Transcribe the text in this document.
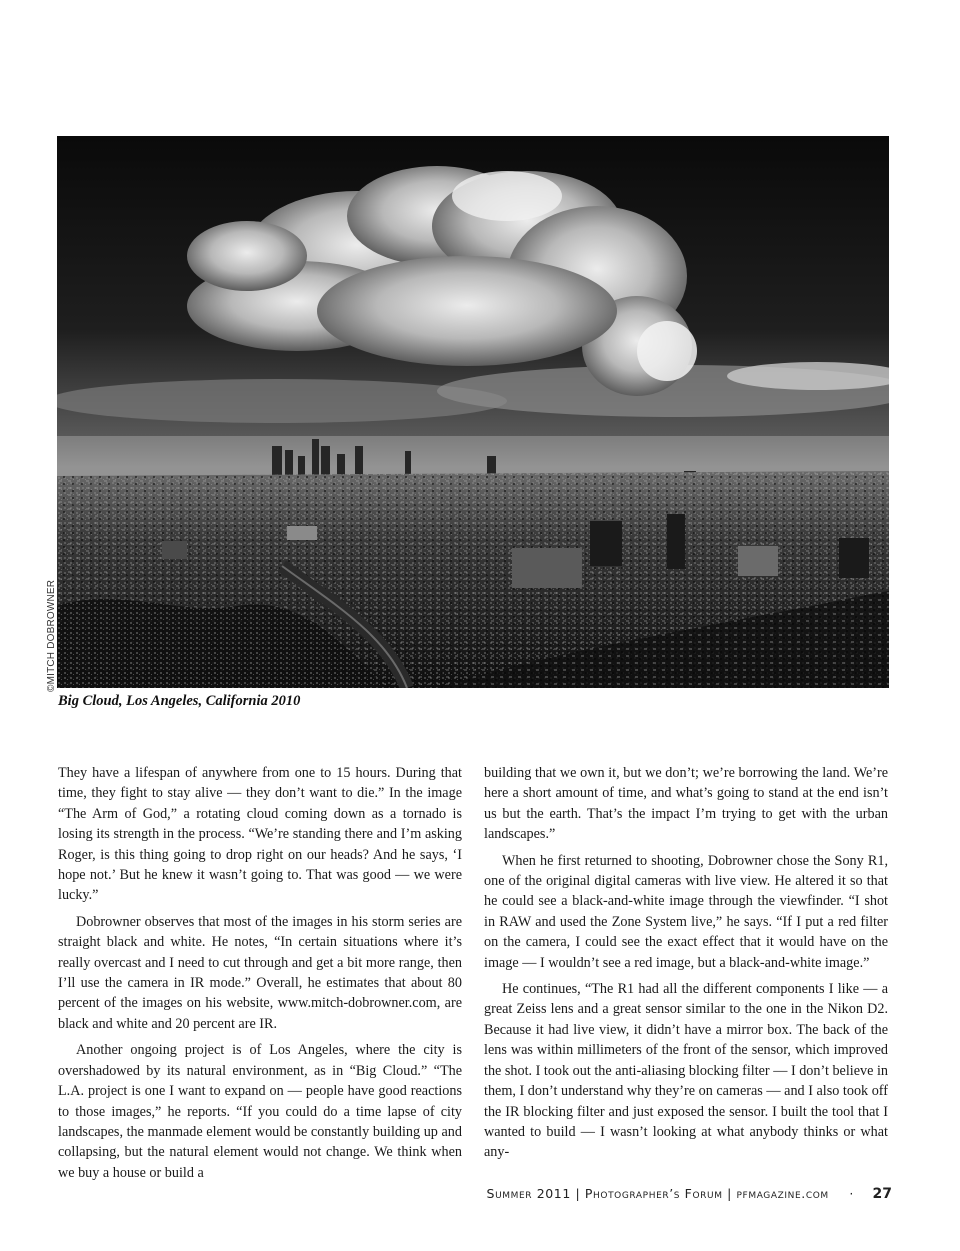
©MITCH DOBROWNER
Big Cloud, Los Angeles, California 2010

They have a lifespan of anywhere from one to 15 hours. During that time, they fight to stay alive — they don’t want to die.” In the image “The Arm of God,” a rotating cloud coming down as a tornado is losing its strength in the process. “We’re standing there and I’m asking Roger, is this thing going to drop right on our heads? And he says, ‘I hope not.’ But he knew it wasn’t going to. That was good — we were lucky.”

Dobrowner observes that most of the images in his storm series are straight black and white. He notes, “In certain situations where it’s really overcast and I need to cut through and get a bit more range, then I’ll use the camera in IR mode.” Overall, he estimates that about 80 percent of the images on his website, www.mitch-dobrowner.com, are black and white and 20 percent are IR.

Another ongoing project is of Los Angeles, where the city is overshadowed by its natural environment, as in “Big Cloud.” “The L.A. project is one I want to expand on — people have good reactions to those images,” he reports. “If you could do a time lapse of city landscapes, the manmade element would be constantly building up and collapsing, but the natural element would not change. We think when we buy a house or build a

building that we own it, but we don’t; we’re borrowing the land. We’re here a short amount of time, and what’s going to stand at the end isn’t us but the earth. That’s the impact I’m trying to get with the urban landscapes.”

When he first returned to shooting, Dobrowner chose the Sony R1, one of the original digital cameras with live view. He altered it so that he could see a black-and-white image through the viewfinder. “I shot in RAW and used the Zone System live,” he says. “If I put a red filter on the camera, I could see the exact effect that it would have on the image — I wouldn’t see a red image, but a black-and-white image.”

He continues, “The R1 had all the different components I like — a great Zeiss lens and a great sensor similar to the one in the Nikon D2. Because it had live view, it didn’t have a mirror box. The back of the lens was within millimeters of the front of the sensor, which improved the shot. I took out the anti-aliasing blocking filter — I don’t believe in them, I don’t understand why they’re on cameras — and I also took off the IR blocking filter and just exposed the sensor. I built the tool that I wanted to build — I wasn’t looking at what anybody thinks or what any-

Summer 2011 | Photographer’s Forum | pfmagazine.com · 27
